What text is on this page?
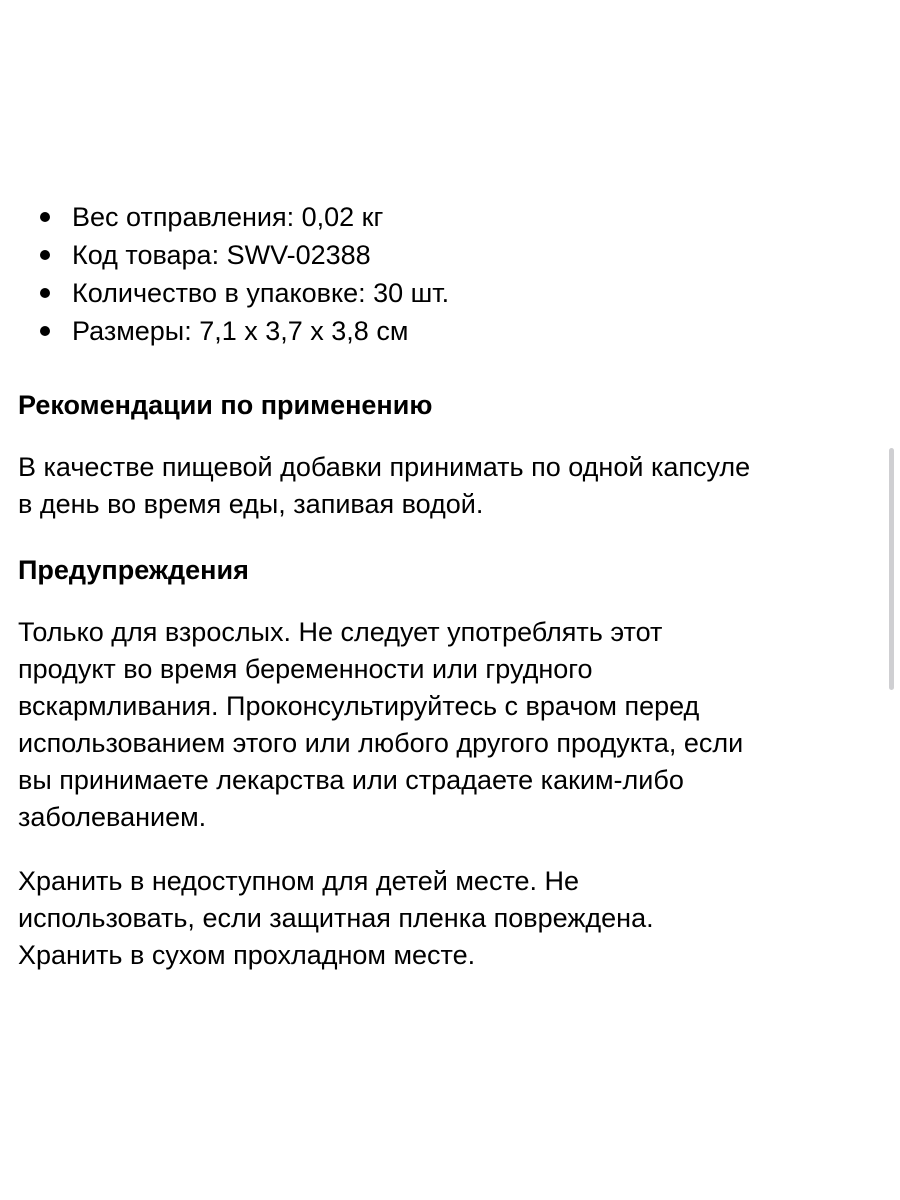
Вес отправления: 0,02 кг
Код товара: SWV-02388
Количество в упаковке: 30 шт.
Размеры: 7,1 х 3,7 х 3,8 см
Рекомендации по применению

В качестве пищевой добавки принимать по одной капсуле
в день во время еды, запивая водой.

Предупреждения

Только для взрослых. Не следует употреблять этот
продукт во время беременности или грудного
вскармливания. Проконсультируйтесь с врачом перед
использованием этого или любого другого продукта, если
вы принимаете лекарства или страдаете каким-либо
заболеванием.

Хранить в недоступном для детей месте. Не
использовать, если защитная пленка повреждена.
Хранить в сухом прохладном месте.
